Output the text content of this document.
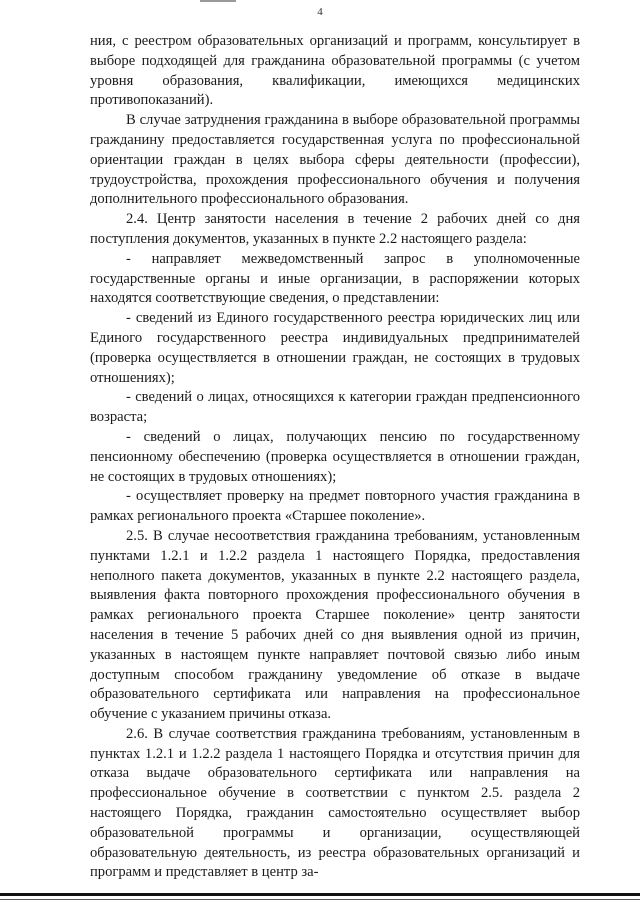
4

ния, с реестром образовательных организаций и программ, консультирует в выборе подходящей для гражданина образовательной программы (с учетом уровня образования, квалификации, имеющихся медицинских противопоказаний).

В случае затруднения гражданина в выборе образовательной программы гражданину предоставляется государственная услуга по профессиональной ориентации граждан в целях выбора сферы деятельности (профессии), трудоустройства, прохождения профессионального обучения и получения дополнительного профессионального образования.

2.4. Центр занятости населения в течение 2 рабочих дней со дня поступления документов, указанных в пункте 2.2 настоящего раздела:

- направляет межведомственный запрос в уполномоченные государственные органы и иные организации, в распоряжении которых находятся соответствующие сведения, о представлении:

- сведений из Единого государственного реестра юридических лиц или Единого государственного реестра индивидуальных предпринимателей (проверка осуществляется в отношении граждан, не состоящих в трудовых отношениях);

- сведений о лицах, относящихся к категории граждан предпенсионного возраста;

- сведений о лицах, получающих пенсию по государственному пенсионному обеспечению (проверка осуществляется в отношении граждан, не состоящих в трудовых отношениях);

- осуществляет проверку на предмет повторного участия гражданина в рамках регионального проекта «Старшее поколение».

2.5. В случае несоответствия гражданина требованиям, установленным пунктами 1.2.1 и 1.2.2 раздела 1 настоящего Порядка, предоставления неполного пакета документов, указанных в пункте 2.2 настоящего раздела, выявления факта повторного прохождения профессионального обучения в рамках регионального проекта Старшее поколение» центр занятости населения в течение 5 рабочих дней со дня выявления одной из причин, указанных в настоящем пункте направляет почтовой связью либо иным доступным способом гражданину уведомление об отказе в выдаче образовательного сертификата или направления на профессиональное обучение с указанием причины отказа.

2.6. В случае соответствия гражданина требованиям, установленным в пунктах 1.2.1 и 1.2.2 раздела 1 настоящего Порядка и отсутствия причин для отказа выдаче образовательного сертификата или направления на профессиональное обучение в соответствии с пунктом 2.5. раздела 2 настоящего Порядка, гражданин самостоятельно осуществляет выбор образовательной программы и организации, осуществляющей образовательную деятельность, из реестра образовательных организаций и программ и представляет в центр за-
